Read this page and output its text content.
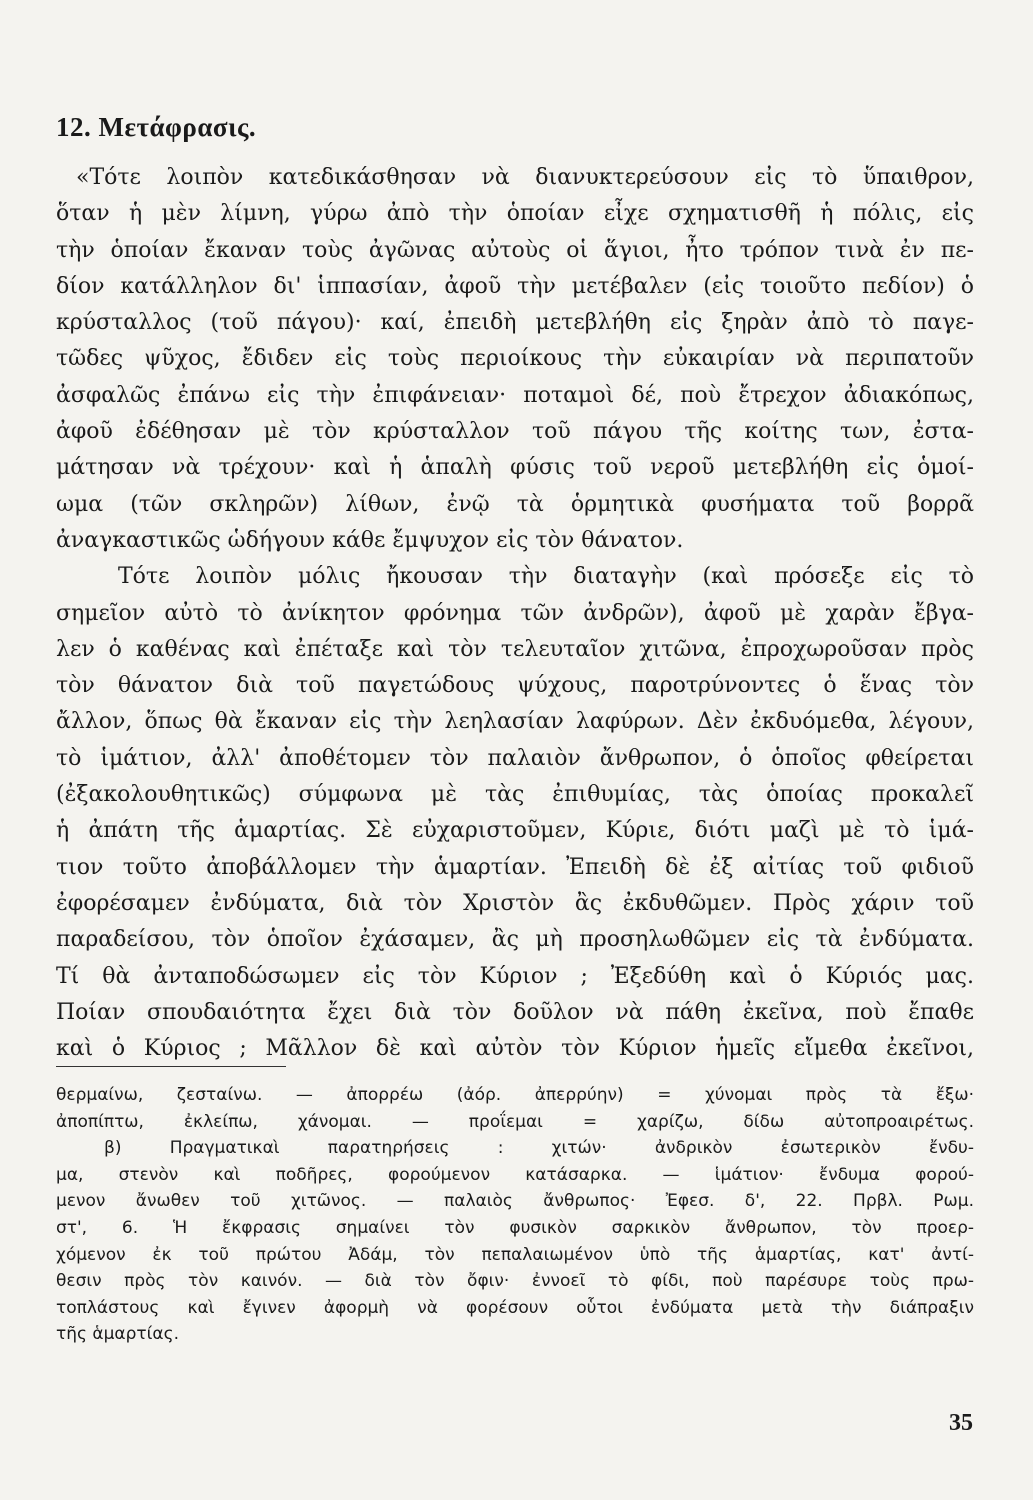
12. Μετάφρασις.
«Τότε λοιπὸν κατεδικάσθησαν νὰ διανυκτερεύσουν εἰς τὸ ὕπαιθρον,
ὅταν ἡ μὲν λίμνη, γύρω ἀπὸ τὴν ὁποίαν εἶχε σχηματισθῆ ἡ πόλις, εἰς
τὴν ὁποίαν ἔκαναν τοὺς ἀγῶνας αὐτοὺς οἱ ἅγιοι, ἦτο τρόπον τινὰ ἐν πε-
δίον κατάλληλον δι' ἱππασίαν, ἀφοῦ τὴν μετέβαλεν (εἰς τοιοῦτο πεδίον) ὁ
κρύσταλλος (τοῦ πάγου)· καί, ἐπειδὴ μετεβλήθη εἰς ξηρὰν ἀπὸ τὸ παγε-
τῶδες ψῦχος, ἔδιδεν εἰς τοὺς περιοίκους τὴν εὐκαιρίαν νὰ περιπατοῦν
ἀσφαλῶς ἐπάνω εἰς τὴν ἐπιφάνειαν· ποταμοὶ δέ, ποὺ ἔτρεχον ἀδιακόπως,
ἀφοῦ ἐδέθησαν μὲ τὸν κρύσταλλον τοῦ πάγου τῆς κοίτης των, ἐστα-
μάτησαν νὰ τρέχουν· καὶ ἡ ἁπαλὴ φύσις τοῦ νεροῦ μετεβλήθη εἰς ὁμοί-
ωμα (τῶν σκληρῶν) λίθων, ἐνῷ τὰ ὁρμητικὰ φυσήματα τοῦ βορρᾶ
ἀναγκαστικῶς ὡδήγουν κάθε ἔμψυχον εἰς τὸν θάνατον.
Τότε λοιπὸν μόλις ἤκουσαν τὴν διαταγὴν (καὶ πρόσεξε εἰς τὸ
σημεῖον αὐτὸ τὸ ἀνίκητον φρόνημα τῶν ἀνδρῶν), ἀφοῦ μὲ χαρὰν ἔβγα-
λεν ὁ καθένας καὶ ἐπέταξε καὶ τὸν τελευταῖον χιτῶνα, ἐπροχωροῦσαν πρὸς
τὸν θάνατον διὰ τοῦ παγετώδους ψύχους, παροτρύνοντες ὁ ἕνας τὸν
ἄλλον, ὅπως θὰ ἔκαναν εἰς τὴν λεηλασίαν λαφύρων. Δὲν ἐκδυόμεθα, λέγουν,
τὸ ἱμάτιον, ἀλλ' ἀποθέτομεν τὸν παλαιὸν ἄνθρωπον, ὁ ὁποῖος φθείρεται
(ἐξακολουθητικῶς) σύμφωνα μὲ τὰς ἐπιθυμίας, τὰς ὁποίας προκαλεῖ
ἡ ἀπάτη τῆς ἁμαρτίας. Σὲ εὐχαριστοῦμεν, Κύριε, διότι μαζὶ μὲ τὸ ἱμά-
τιον τοῦτο ἀποβάλλομεν τὴν ἁμαρτίαν. Ἐπειδὴ δὲ ἐξ αἰτίας τοῦ φιδιοῦ
ἐφορέσαμεν ἐνδύματα, διὰ τὸν Χριστὸν ἂς ἐκδυθῶμεν. Πρὸς χάριν τοῦ
παραδείσου, τὸν ὁποῖον ἐχάσαμεν, ἂς μὴ προσηλωθῶμεν εἰς τὰ ἐνδύματα.
Τί θὰ ἀνταποδώσωμεν εἰς τὸν Κύριον ; Ἐξεδύθη καὶ ὁ Κύριός μας.
Ποίαν σπουδαιότητα ἔχει διὰ τὸν δοῦλον νὰ πάθη ἐκεῖνα, ποὺ ἔπαθε
καὶ ὁ Κύριος ; Μᾶλλον δὲ καὶ αὐτὸν τὸν Κύριον ἡμεῖς εἴμεθα ἐκεῖνοι,
θερμαίνω, ζεσταίνω. — ἀπορρέω (ἀόρ. ἀπερρύην) = χύνομαι πρὸς τὰ ἔξω·
ἀποπίπτω, ἐκλείπω, χάνομαι. — προΐεμαι = χαρίζω, δίδω αὐτοπροαιρέτως.
β) Πραγματικαὶ παρατηρήσεις : χιτών· ἀνδρικὸν ἐσωτερικὸν ἔνδυ-
μα, στενὸν καὶ ποδῆρες, φορούμενον κατάσαρκα. — ἱμάτιον· ἔνδυμα φορού-
μενον ἄνωθεν τοῦ χιτῶνος. — παλαιὸς ἄνθρωπος· Ἐφεσ. δ', 22. Πρβλ. Ρωμ.
στ', 6. Ἡ ἔκφρασις σημαίνει τὸν φυσικὸν σαρκικὸν ἄνθρωπον, τὸν προερ-
χόμενον ἐκ τοῦ πρώτου Ἀδάμ, τὸν πεπαλαιωμένον ὑπὸ τῆς ἁμαρτίας, κατ' ἀντί-
θεσιν πρὸς τὸν καινόν. — διὰ τὸν ὄφιν· ἐννοεῖ τὸ φίδι, ποὺ παρέσυρε τοὺς πρω-
τοπλάστους καὶ ἔγινεν ἀφορμὴ νὰ φορέσουν οὗτοι ἐνδύματα μετὰ τὴν διάπραξιν
τῆς ἁμαρτίας.
35
